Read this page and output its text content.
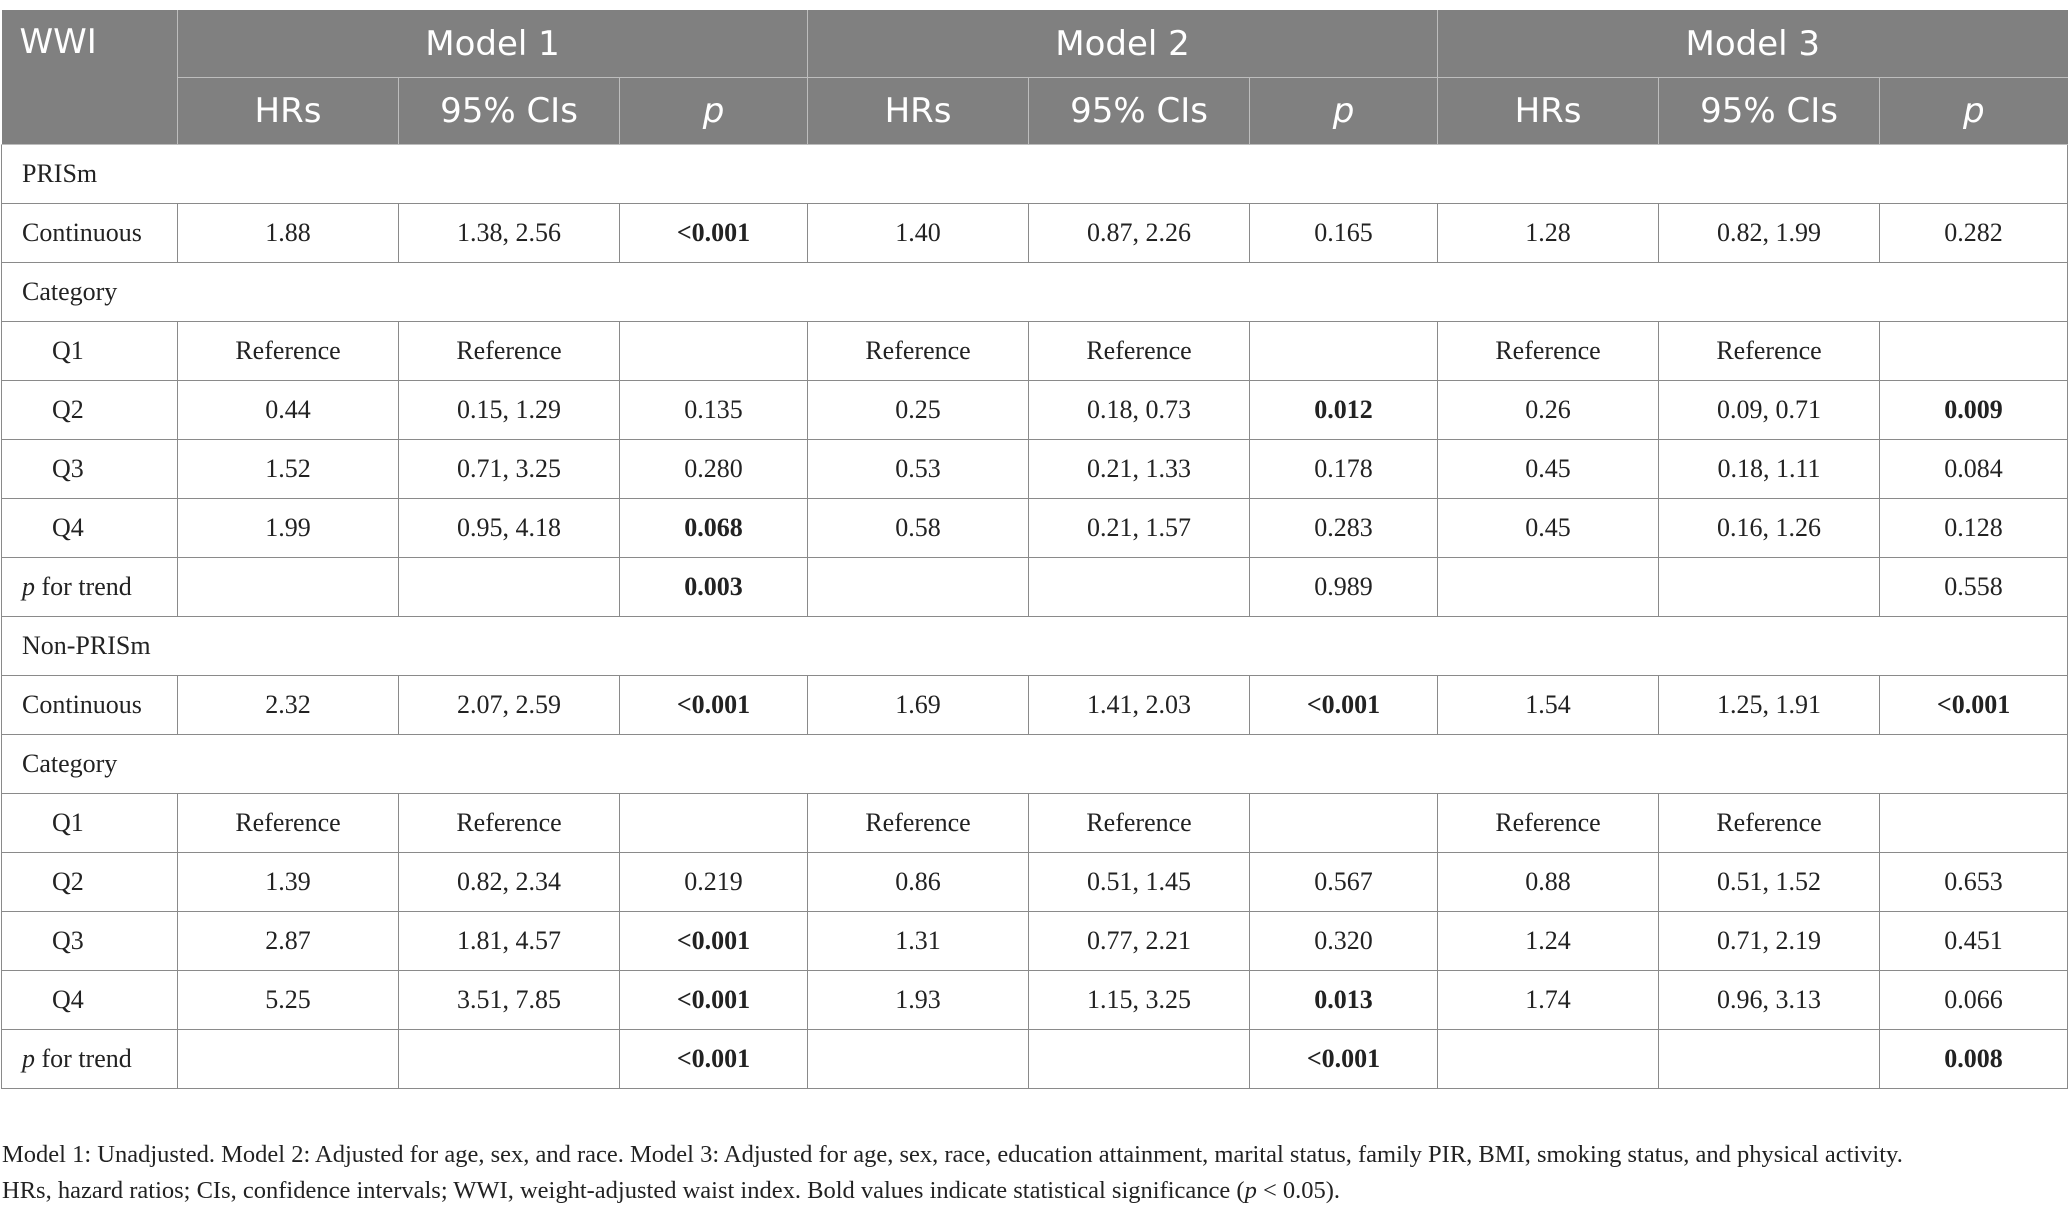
WWI	Model 1			Model 2			Model 3		
	HRs	95% CIs	p	HRs	95% CIs	p	HRs	95% CIs	p
PRISm									
Continuous	1.88	1.38, 2.56	<0.001	1.40	0.87, 2.26	0.165	1.28	0.82, 1.99	0.282
Category									
Q1	Reference	Reference		Reference	Reference		Reference	Reference	
Q2	0.44	0.15, 1.29	0.135	0.25	0.18, 0.73	0.012	0.26	0.09, 0.71	0.009
Q3	1.52	0.71, 3.25	0.280	0.53	0.21, 1.33	0.178	0.45	0.18, 1.11	0.084
Q4	1.99	0.95, 4.18	0.068	0.58	0.21, 1.57	0.283	0.45	0.16, 1.26	0.128
p for trend			0.003			0.989			0.558
Non-PRISm									
Continuous	2.32	2.07, 2.59	<0.001	1.69	1.41, 2.03	<0.001	1.54	1.25, 1.91	<0.001
Category									
Q1	Reference	Reference		Reference	Reference		Reference	Reference	
Q2	1.39	0.82, 2.34	0.219	0.86	0.51, 1.45	0.567	0.88	0.51, 1.52	0.653
Q3	2.87	1.81, 4.57	<0.001	1.31	0.77, 2.21	0.320	1.24	0.71, 2.19	0.451
Q4	5.25	3.51, 7.85	<0.001	1.93	1.15, 3.25	0.013	1.74	0.96, 3.13	0.066
p for trend			<0.001			<0.001			0.008
Model 1: Unadjusted. Model 2: Adjusted for age, sex, and race. Model 3: Adjusted for age, sex, race, education attainment, marital status, family PIR, BMI, smoking status, and physical activity.
HRs, hazard ratios; CIs, confidence intervals; WWI, weight-adjusted waist index. Bold values indicate statistical significance (p < 0.05).
